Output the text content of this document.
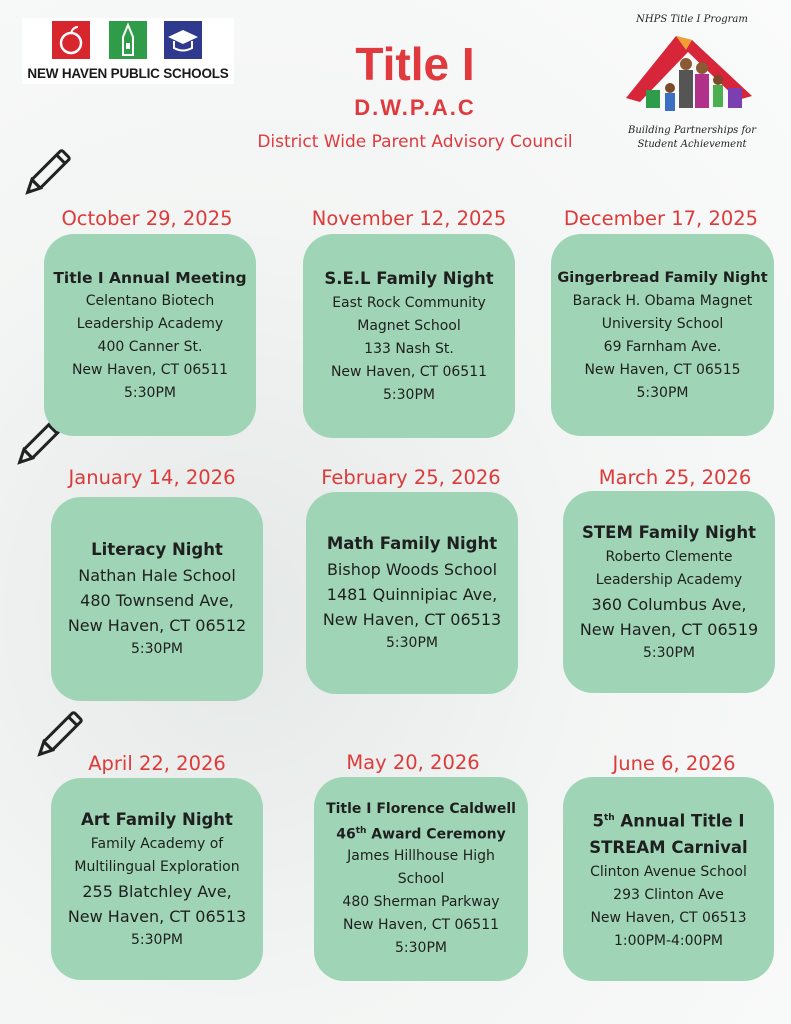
NEW HAVEN PUBLIC SCHOOLS	Title I
D.W.P.A.C
District Wide Parent Advisory Council
NHPS Title I Program
Building Partnerships for
Student Achievement
October 29, 2025
Title I Annual Meeting
Celentano Biotech
Leadership Academy
400 Canner St.
New Haven, CT 06511
5:30PM
November 12, 2025
S.E.L Family Night
East Rock Community
Magnet School
133 Nash St.
New Haven, CT 06511
5:30PM
December 17, 2025
Gingerbread Family Night
Barack H. Obama Magnet
University School
69 Farnham Ave.
New Haven, CT 06515
5:30PM
January 14, 2026
Literacy Night
Nathan Hale School
480 Townsend Ave,
New Haven, CT 06512
5:30PM
February 25, 2026
Math Family Night
Bishop Woods School
1481 Quinnipiac Ave,
New Haven, CT 06513
5:30PM
March 25, 2026
STEM Family Night
Roberto Clemente
Leadership Academy
360 Columbus Ave,
New Haven, CT 06519
5:30PM
April 22, 2026
Art Family Night
Family Academy of
Multilingual Exploration
255 Blatchley Ave,
New Haven, CT 06513
5:30PM
May 20, 2026
Title I Florence Caldwell
46th Award Ceremony
James Hillhouse High
School
480 Sherman Parkway
New Haven, CT 06511
5:30PM
June 6, 2026
5th Annual Title I
STREAM Carnival
Clinton Avenue School
293 Clinton Ave
New Haven, CT 06513
1:00PM-4:00PM
